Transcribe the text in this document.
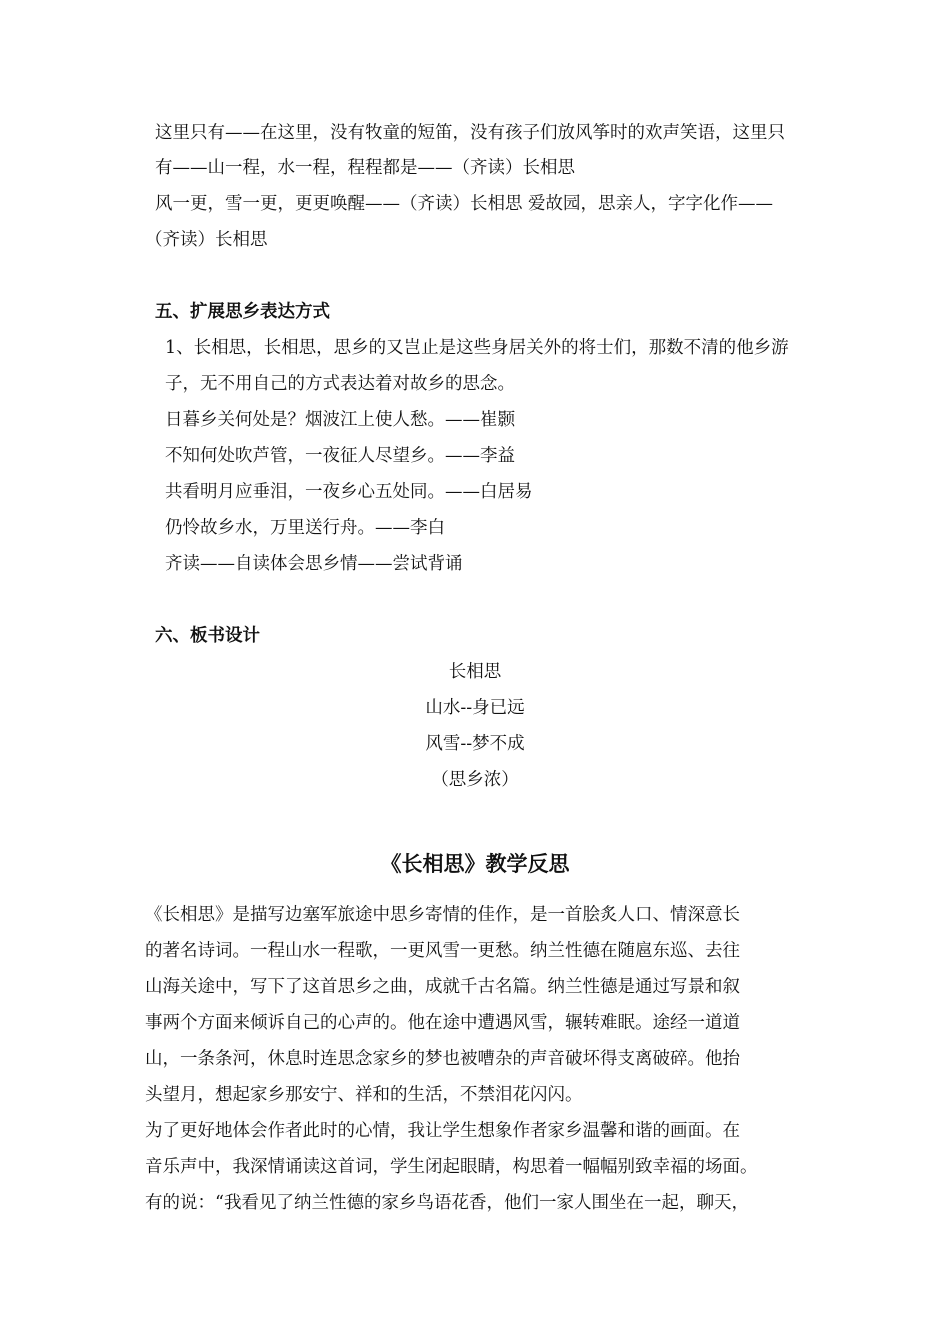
这里只有——在这里，没有牧童的短笛，没有孩子们放风筝时的欢声笑语，这里只
有——山一程，水一程，程程都是——（齐读）长相思
风一更，雪一更，更更唤醒——（齐读）长相思 爱故园，思亲人，字字化作——
（齐读）长相思
五、扩展思乡表达方式
1、长相思，长相思，思乡的又岂止是这些身居关外的将士们，那数不清的他乡游
子，无不用自己的方式表达着对故乡的思念。
日暮乡关何处是？烟波江上使人愁。——崔颢
不知何处吹芦管，一夜征人尽望乡。——李益
共看明月应垂泪，一夜乡心五处同。——白居易
仍怜故乡水，万里送行舟。——李白
齐读——自读体会思乡情——尝试背诵
六、板书设计
长相思
山水--身已远
风雪--梦不成
（思乡浓）
《长相思》教学反思
《长相思》是描写边塞军旅途中思乡寄情的佳作，是一首脍炙人口、情深意长
的著名诗词。一程山水一程歌，一更风雪一更愁。纳兰性德在随扈东巡、去往
山海关途中，写下了这首思乡之曲，成就千古名篇。纳兰性德是通过写景和叙
事两个方面来倾诉自己的心声的。他在途中遭遇风雪，辗转难眠。途经一道道
山，一条条河，休息时连思念家乡的梦也被嘈杂的声音破坏得支离破碎。他抬
头望月，想起家乡那安宁、祥和的生活，不禁泪花闪闪。
为了更好地体会作者此时的心情，我让学生想象作者家乡温馨和谐的画面。在
音乐声中，我深情诵读这首词，学生闭起眼睛，构思着一幅幅别致幸福的场面。
有的说：“我看见了纳兰性德的家乡鸟语花香，他们一家人围坐在一起，聊天，
